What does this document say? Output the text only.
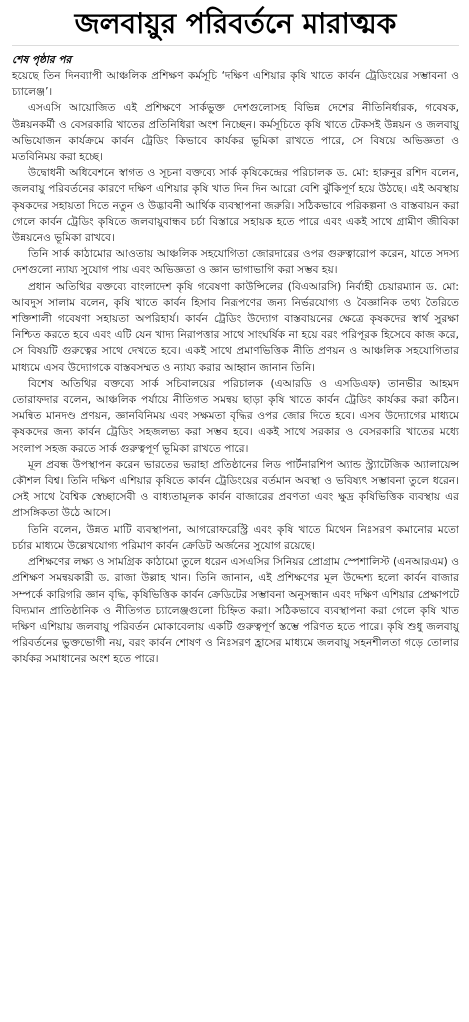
জলবায়ুর পরিবর্তনে মারাত্মক
শেষ পৃষ্ঠার পর

হয়েছে তিন দিনব্যাপী আঞ্চলিক প্রশিক্ষণ কর্মসূচি ‘দক্ষিণ এশিয়ার কৃষি খাতে কার্বন ট্রেডিংয়ের সম্ভাবনা ও চ্যালেঞ্জ’।

এসএসি আয়োজিত এই প্রশিক্ষণে সার্কভুক্ত দেশগুলোসহ বিভিন্ন দেশের নীতিনির্ধারক, গবেষক, উন্নয়নকর্মী ও বেসরকারি খাতের প্রতিনিধিরা অংশ নিচ্ছেন। কর্মসূচিতে কৃষি খাতে টেকসই উন্নয়ন ও জলবায়ু অভিযোজন কার্যক্রমে কার্বন ট্রেডিং কিভাবে কার্যকর ভূমিকা রাখতে পারে, সে বিষয়ে অভিজ্ঞতা ও মতবিনিময় করা হচ্ছে।

উদ্বোধনী অধিবেশনে স্বাগত ও সূচনা বক্তব্যে সার্ক কৃষিকেন্দ্রের পরিচালক ড. মো: হারুনুর রশিদ বলেন, জলবায়ু পরিবর্তনের কারণে দক্ষিণ এশিয়ার কৃষি খাত দিন দিন আরো বেশি ঝুঁকিপূর্ণ হয়ে উঠছে। এই অবস্থায় কৃষকদের সহায়তা দিতে নতুন ও উদ্ভাবনী আর্থিক ব্যবস্থাপনা জরুরি। সঠিকভাবে পরিকল্পনা ও বাস্তবায়ন করা গেলে কার্বন ট্রেডিং কৃষিতে জলবায়ুবান্ধব চর্চা বিস্তারে সহায়ক হতে পারে এবং একই সাথে গ্রামীণ জীবিকা উন্নয়নেও ভূমিকা রাখবে।

তিনি সার্ক কাঠামোর আওতায় আঞ্চলিক সহযোগিতা জোরদারের ওপর গুরুত্বারোপ করেন, যাতে সদস্য দেশগুলো ন্যায্য সুযোগ পায় এবং অভিজ্ঞতা ও জ্ঞান ভাগাভাগি করা সম্ভব হয়।

প্রধান অতিথির বক্তব্যে বাংলাদেশ কৃষি গবেষণা কাউন্সিলের (বিএআরসি) নির্বাহী চেয়ারম্যান ড. মো: আবদুস সালাম বলেন, কৃষি খাতে কার্বন হিসাব নিরূপণের জন্য নির্ভরযোগ্য ও বৈজ্ঞানিক তথ্য তৈরিতে শক্তিশালী গবেষণা সহায়তা অপরিহার্য। কার্বন ট্রেডিং উদ্যোগ বাস্তবায়নের ক্ষেত্রে কৃষকদের স্বার্থ সুরক্ষা নিশ্চিত করতে হবে এবং এটি যেন খাদ্য নিরাপত্তার সাথে সাংঘর্ষিক না হয়ে বরং পরিপূরক হিসেবে কাজ করে, সে বিষয়টি গুরুত্বের সাথে দেখতে হবে। একই সাথে প্রমাণভিত্তিক নীতি প্রণয়ন ও আঞ্চলিক সহযোগিতার মাধ্যমে এসব উদ্যোগকে বাস্তবসম্মত ও ন্যায্য করার আহ্বান জানান তিনি।

বিশেষ অতিথির বক্তব্যে সার্ক সচিবালয়ের পরিচালক (এআরডি ও এসডিএফ) তানভীর আহমদ তোরাফদার বলেন, আঞ্চলিক পর্যায়ে নীতিগত সমন্বয় ছাড়া কৃষি খাতে কার্বন ট্রেডিং কার্যকর করা কঠিন। সমন্বিত মানদণ্ড প্রণয়ন, জ্ঞানবিনিময় এবং সক্ষমতা বৃদ্ধির ওপর জোর দিতে হবে। এসব উদ্যোগের মাধ্যমে কৃষকদের জন্য কার্বন ট্রেডিং সহজলভ্য করা সম্ভব হবে। একই সাথে সরকার ও বেসরকারি খাতের মধ্যে সংলাপ সহজ করতে সার্ক গুরুত্বপূর্ণ ভূমিকা রাখতে পারে।

মূল প্রবন্ধ উপস্থাপন করেন ভারতের ভরাহা প্রতিষ্ঠানের লিড পার্টনারশিপ অ্যান্ড স্ট্র্যাটেজিক অ্যালায়েন্স কৌশল বিশ্ব। তিনি দক্ষিণ এশিয়ার কৃষিতে কার্বন ট্রেডিংয়ের বর্তমান অবস্থা ও ভবিষ্যৎ সম্ভাবনা তুলে ধরেন। সেই সাথে বৈশ্বিক স্বেচ্ছাসেবী ও বাধ্যতামূলক কার্বন বাজারের প্রবণতা এবং ক্ষুদ্র কৃষিভিত্তিক ব্যবস্থায় এর প্রাসঙ্গিকতা উঠে আসে।

তিনি বলেন, উন্নত মাটি ব্যবস্থাপনা, আগরোফরেস্ট্রি এবং কৃষি খাতে মিথেন নিঃসরণ কমানোর মতো চর্চার মাধ্যমে উল্লেখযোগ্য পরিমাণ কার্বন ক্রেডিট অর্জনের সুযোগ রয়েছে।

প্রশিক্ষণের লক্ষ্য ও সামগ্রিক কাঠামো তুলে ধরেন এসএসির সিনিয়র প্রোগ্রাম স্পেশালিস্ট (এনআরএম) ও প্রশিক্ষণ সমন্বয়কারী ড. রাজা উল্লাহ খান। তিনি জানান, এই প্রশিক্ষণের মূল উদ্দেশ্য হলো কার্বন বাজার সম্পর্কে কারিগরি জ্ঞান বৃদ্ধি, কৃষিভিত্তিক কার্বন ক্রেডিটের সম্ভাবনা অনুসন্ধান এবং দক্ষিণ এশিয়ার প্রেক্ষাপটে বিদ্যমান প্রাতিষ্ঠানিক ও নীতিগত চ্যালেঞ্জগুলো চিহ্নিত করা। সঠিকভাবে ব্যবস্থাপনা করা গেলে কৃষি খাত দক্ষিণ এশিয়ায় জলবায়ু পরিবর্তন মোকাবেলায় একটি গুরুত্বপূর্ণ স্তম্ভে পরিণত হতে পারে। কৃষি শুধু জলবায়ু পরিবর্তনের ভুক্তভোগী নয়, বরং কার্বন শোষণ ও নিঃসরণ হ্রাসের মাধ্যমে জলবায়ু সহনশীলতা গড়ে তোলার কার্যকর সমাধানের অংশ হতে পারে।
